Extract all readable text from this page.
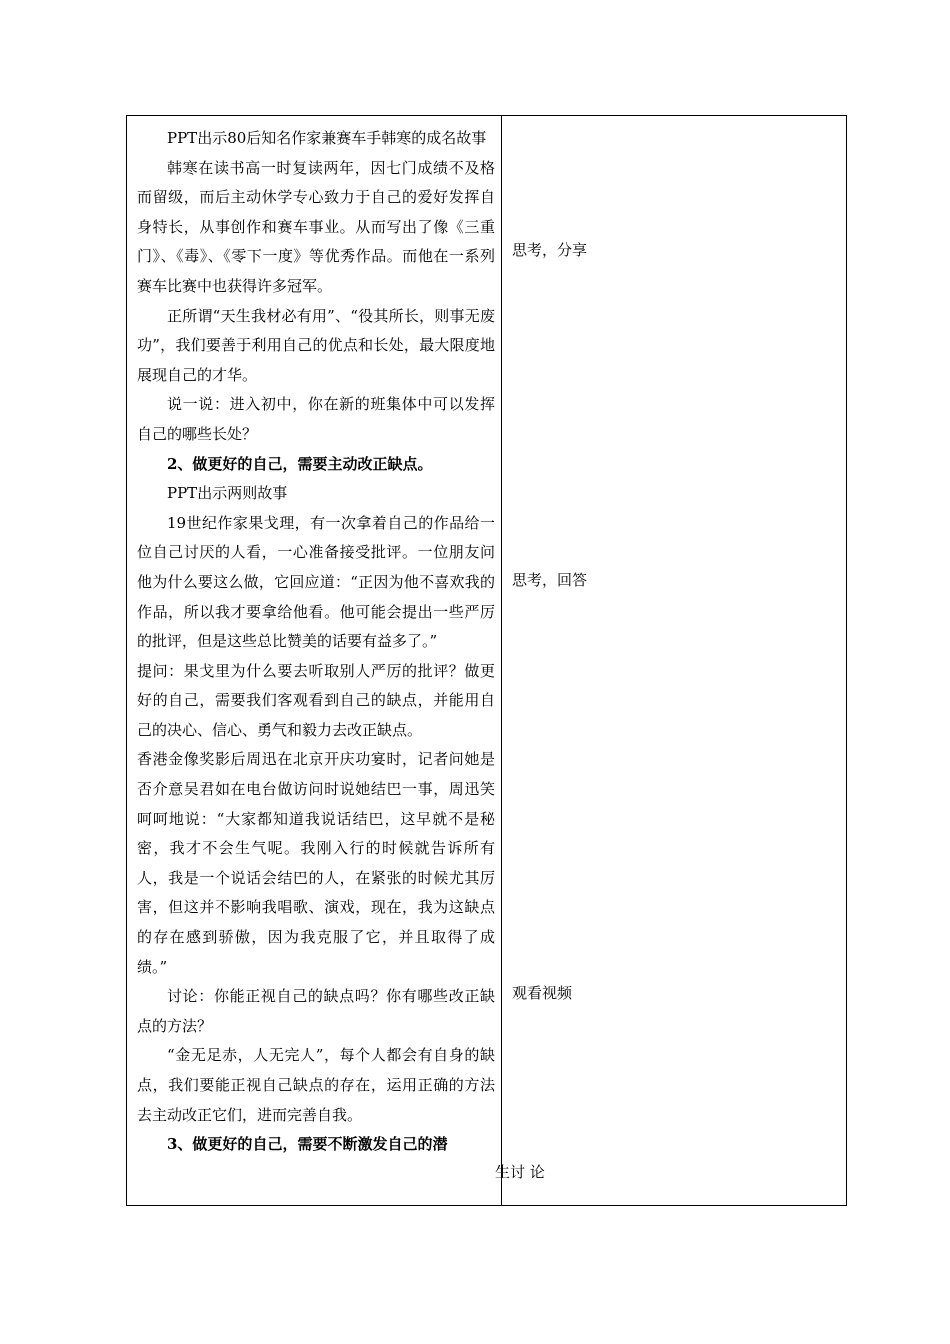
PPT出示80后知名作家兼赛车手韩寒的成名故事

韩寒在读书高一时复读两年，因七门成绩不及格而留级，而后主动休学专心致力于自己的爱好发挥自身特长，从事创作和赛车事业。从而写出了像《三重门》、《毒》、《零下一度》等优秀作品。而他在一系列赛车比赛中也获得许多冠军。

正所谓“天生我材必有用”、“役其所长，则事无废功”，我们要善于利用自己的优点和长处，最大限度地展现自己的才华。

说一说：进入初中，你在新的班集体中可以发挥自己的哪些长处？

2、做更好的自己，需要主动改正缺点。

PPT出示两则故事

19世纪作家果戈理，有一次拿着自己的作品给一位自己讨厌的人看，一心准备接受批评。一位朋友问他为什么要这么做，它回应道：“正因为他不喜欢我的作品，所以我才要拿给他看。他可能会提出一些严厉的批评，但是这些总比赞美的话要有益多了。”

提问：果戈里为什么要去听取别人严厉的批评？做更好的自己，需要我们客观看到自己的缺点，并能用自己的决心、信心、勇气和毅力去改正缺点。

香港金像奖影后周迅在北京开庆功宴时，记者问她是否介意吴君如在电台做访问时说她结巴一事，周迅笑呵呵地说：“大家都知道我说话结巴，这早就不是秘密，我才不会生气呢。我刚入行的时候就告诉所有人，我是一个说话会结巴的人，在紧张的时候尤其厉害，但这并不影响我唱歌、演戏，现在，我为这缺点的存在感到骄傲，因为我克服了它，并且取得了成绩。”

讨论：你能正视自己的缺点吗？你有哪些改正缺点的方法？

“金无足赤，人无完人”，每个人都会有自身的缺点，我们要能正视自己缺点的存在，运用正确的方法去主动改正它们，进而完善自我。

3、做更好的自己，需要不断激发自己的潜

思考，分享
思考，回答
观看视频
生讨 论
